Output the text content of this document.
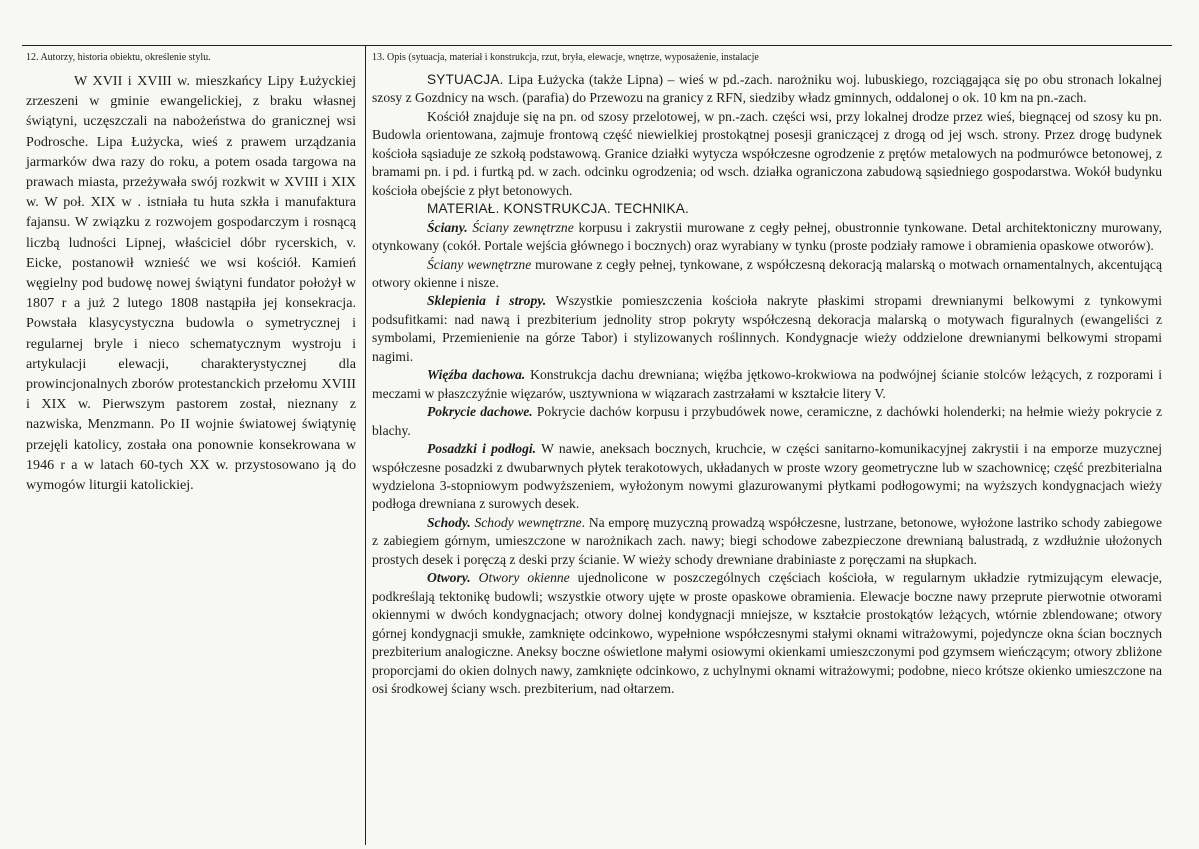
12. Autorzy, historia obiektu, określenie stylu.

W XVII i XVIII w. mieszkańcy Lipy Łużyckiej zrzeszeni w gminie ewangelickiej, z braku własnej świątyni, uczęszczali na nabożeństwa do granicznej wsi Podrosche. Lipa Łużycka, wieś z prawem urządzania jarmarków dwa razy do roku, a potem osada targowa na prawach miasta, przeżywała swój rozkwit w XVIII i XIX w. W poł. XIX w . istniała tu huta szkła i manufaktura fajansu. W związku z rozwojem gospodarczym i rosnącą liczbą ludności Lipnej, właściciel dóbr rycerskich, v. Eicke, postanowił wznieść we wsi kościół. Kamień węgielny pod budowę nowej świątyni fundator położył w 1807 r a już 2 lutego 1808 nastąpiła jej konsekracja. Powstała klasycystyczna budowla o symetrycznej i regularnej bryle i nieco schematycznym wystroju i artykulacji elewacji, charakterystycznej dla prowincjonalnych zborów protestanckich przełomu XVIII i XIX w. Pierwszym pastorem został, nieznany z nazwiska, Menzmann. Po II wojnie światowej świątynię przejęli katolicy, została ona ponownie konsekrowana w 1946 r a w latach 60-tych XX w. przystosowano ją do wymogów liturgii katolickiej.

13. Opis (sytuacja, materiał i konstrukcja, rzut, bryła, elewacje, wnętrze, wyposażenie, instalacje

SYTUACJA. Lipa Łużycka (także Lipna) – wieś w pd.-zach. narożniku woj. lubuskiego, rozciągająca się po obu stronach lokalnej szosy z Gozdnicy na wsch. (parafia) do Przewozu na granicy z RFN, siedziby władz gminnych, oddalonej o ok. 10 km na pn.-zach.

Kościół znajduje się na pn. od szosy przelotowej, w pn.-zach. części wsi, przy lokalnej drodze przez wieś, biegnącej od szosy ku pn. Budowla orientowana, zajmuje frontową część niewielkiej prostokątnej posesji graniczącej z drogą od jej wsch. strony. Przez drogę budynek kościoła sąsiaduje ze szkołą podstawową. Granice działki wytycza współczesne ogrodzenie z prętów metalowych na podmurówce betonowej, z bramami pn. i pd. i furtką pd. w zach. odcinku ogrodzenia; od wsch. działka ograniczona zabudową sąsiedniego gospodarstwa. Wokół budynku kościoła obejście z płyt betonowych.

MATERIAŁ. KONSTRUKCJA. TECHNIKA.

Ściany. Ściany zewnętrzne korpusu i zakrystii murowane z cegły pełnej, obustronnie tynkowane. Detal architektoniczny murowany, otynkowany (cokół. Portale wejścia głównego i bocznych) oraz wyrabiany w tynku (proste podziały ramowe i obramienia opaskowe otworów).

Ściany wewnętrzne murowane z cegły pełnej, tynkowane, z współczesną dekoracją malarską o motwach ornamentalnych, akcentującą otwory okienne i nisze.

Sklepienia i stropy. Wszystkie pomieszczenia kościoła nakryte płaskimi stropami drewnianymi belkowymi z tynkowymi podsufitkami: nad nawą i prezbiterium jednolity strop pokryty współczesną dekoracja malarską o motywach figuralnych (ewangeliści z symbolami, Przemienienie na górze Tabor) i stylizowanych roślinnych. Kondygnacje wieży oddzielone drewnianymi belkowymi stropami nagimi.

Więźba dachowa. Konstrukcja dachu drewniana; więźba jętkowo-krokwiowa na podwójnej ścianie stolców leżących, z rozporami i meczami w płaszczyźnie więzarów, usztywniona w wiązarach zastrzałami w kształcie litery V.

Pokrycie dachowe. Pokrycie dachów korpusu i przybudówek nowe, ceramiczne, z dachówki holenderki; na hełmie wieży pokrycie z blachy.

Posadzki i podłogi. W nawie, aneksach bocznych, kruchcie, w części sanitarno-komunikacyjnej zakrystii i na emporze muzycznej współczesne posadzki z dwubarwnych płytek terakotowych, układanych w proste wzory geometryczne lub w szachownicę; część prezbiterialna wydzielona 3-stopniowym podwyższeniem, wyłożonym nowymi glazurowanymi płytkami podłogowymi; na wyższych kondygnacjach wieży podłoga drewniana z surowych desek.

Schody. Schody wewnętrzne. Na emporę muzyczną prowadzą współczesne, lustrzane, betonowe, wyłożone lastriko schody zabiegowe z zabiegiem górnym, umieszczone w narożnikach zach. nawy; biegi schodowe zabezpieczone drewnianą balustradą, z wzdłużnie ułożonych prostych desek i poręczą z deski przy ścianie. W wieży schody drewniane drabiniaste z poręczami na słupkach.

Otwory. Otwory okienne ujednolicone w poszczególnych częściach kościoła, w regularnym układzie rytmizującym elewacje, podkreślają tektonikę budowli; wszystkie otwory ujęte w proste opaskowe obramienia. Elewacje boczne nawy przeprute pierwotnie otworami okiennymi w dwóch kondygnacjach; otwory dolnej kondygnacji mniejsze, w kształcie prostokątów leżących, wtórnie zblendowane; otwory górnej kondygnacji smukłe, zamknięte odcinkowo, wypełnione współczesnymi stałymi oknami witrażowymi, pojedyncze okna ścian bocznych prezbiterium analogiczne. Aneksy boczne oświetlone małymi osiowymi okienkami umieszczonymi pod gzymsem wieńczącym; otwory zbliżone proporcjami do okien dolnych nawy, zamknięte odcinkowo, z uchylnymi oknami witrażowymi; podobne, nieco krótsze okienko umieszczone na osi środkowej ściany wsch. prezbiterium, nad ołtarzem.
